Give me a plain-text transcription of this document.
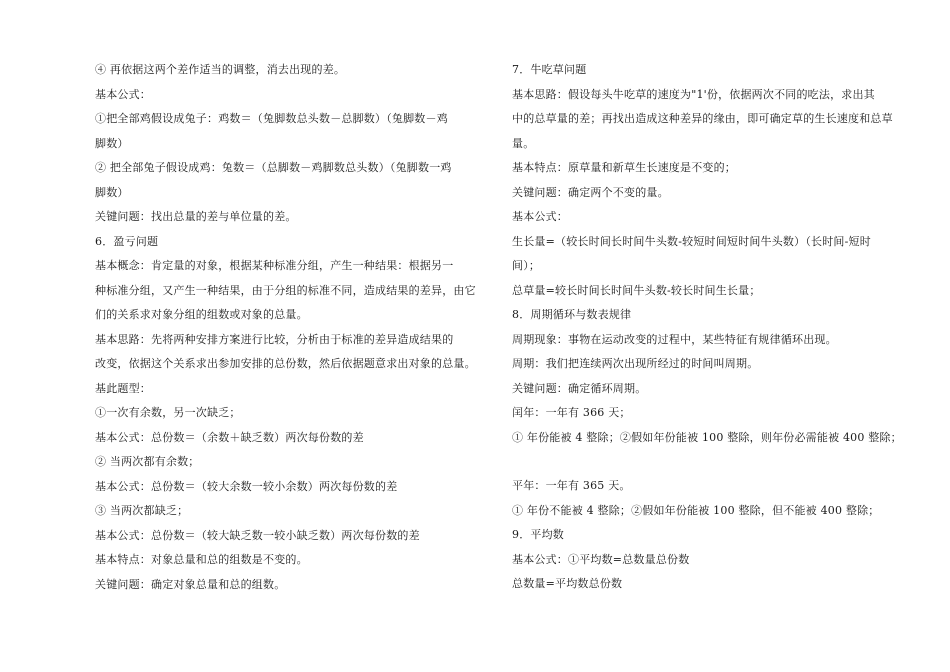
④ 再依据这两个差作适当的调整，消去出现的差。
基本公式：
①把全部鸡假设成兔子：鸡数＝（兔脚数总头数－总脚数）（兔脚数－鸡
脚数）
② 把全部兔子假设成鸡：兔数＝（总脚数－鸡脚数总头数）（兔脚数一鸡
脚数）
关键问题：找出总量的差与单位量的差。
6．盈亏问题
基本概念：肯定量的对象，根据某种标准分组，产生一种结果：根据另一
种标准分组，又产生一种结果，由于分组的标准不同，造成结果的差异，由它
们的关系求对象分组的组数或对象的总量。
基本思路：先将两种安排方案进行比较，分析由于标准的差异造成结果的
改变，依据这个关系求出参加安排的总份数，然后依据题意求出对象的总量。
基此题型：
①一次有余数，另一次缺乏；
基本公式：总份数＝（余数＋缺乏数）两次每份数的差
② 当两次都有余数；
基本公式：总份数＝（较大余数一较小余数）两次每份数的差
③ 当两次都缺乏；
基本公式：总份数＝（较大缺乏数一较小缺乏数）两次每份数的差
基本特点：对象总量和总的组数是不变的。
关键问题：确定对象总量和总的组数。
7．牛吃草问题
基本思路：假设每头牛吃草的速度为"1'份，依据两次不同的吃法，求出其
中的总草量的差；再找出造成这种差异的缘由，即可确定草的生长速度和总草
量。
基本特点：原草量和新草生长速度是不变的；
关键问题：确定两个不变的量。
基本公式：
生长量=（较长时间长时间牛头数-较短时间短时间牛头数）（长时间-短时
间）；
总草量=较长时间长时间牛头数-较长时间生长量；
8．周期循环与数表规律
周期现象：事物在运动改变的过程中，某些特征有规律循环出现。
周期：我们把连续两次出现所经过的时间叫周期。
关键问题：确定循环周期。
闰年：一年有 366 天；
① 年份能被 4 整除；②假如年份能被 100 整除，则年份必需能被 400 整除；
平年：一年有 365 天。
① 年份不能被 4 整除；②假如年份能被 100 整除，但不能被 400 整除；
9．平均数
基本公式：①平均数=总数量总份数
总数量=平均数总份数
